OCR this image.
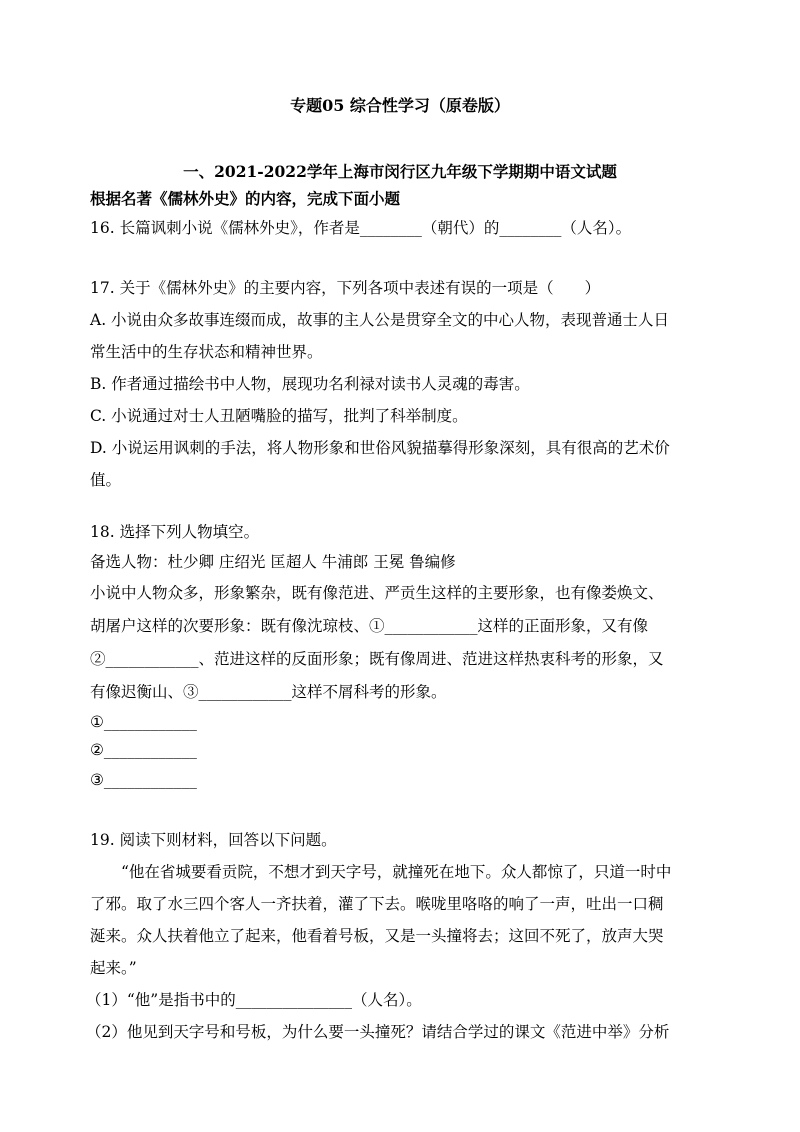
专题05 综合性学习（原卷版）
一、2021-2022学年上海市闵行区九年级下学期期中语文试题
根据名著《儒林外史》的内容，完成下面小题
16. 长篇讽刺小说《儒林外史》，作者是________（朝代）的________（人名）。
17. 关于《儒林外史》的主要内容，下列各项中表述有误的一项是（　　）
A. 小说由众多故事连缀而成，故事的主人公是贯穿全文的中心人物，表现普通士人日
常生活中的生存状态和精神世界。
B. 作者通过描绘书中人物，展现功名利禄对读书人灵魂的毒害。
C. 小说通过对士人丑陋嘴脸的描写，批判了科举制度。
D. 小说运用讽刺的手法，将人物形象和世俗风貌描摹得形象深刻，具有很高的艺术价
值。
18. 选择下列人物填空。
备选人物：杜少卿 庄绍光 匡超人 牛浦郎 王冕 鲁编修
小说中人物众多，形象繁杂，既有像范进、严贡生这样的主要形象，也有像娄焕文、
胡屠户这样的次要形象：既有像沈琼枝、①____________这样的正面形象，又有像
②____________、范进这样的反面形象；既有像周进、范进这样热衷科考的形象，又
有像迟衡山、③____________这样不屑科考的形象。
①____________
②____________
③____________
19. 阅读下则材料，回答以下问题。
　　“他在省城要看贡院，不想才到天字号，就撞死在地下。众人都惊了，只道一时中
了邪。取了水三四个客人一齐扶着，灌了下去。喉咙里咯咯的响了一声，吐出一口稠
涎来。众人扶着他立了起来，他看着号板，又是一头撞将去；这回不死了，放声大哭
起来。”
（1）“他”是指书中的_______________（人名）。
（2）他见到天字号和号板，为什么要一头撞死？请结合学过的课文《范进中举》分析
